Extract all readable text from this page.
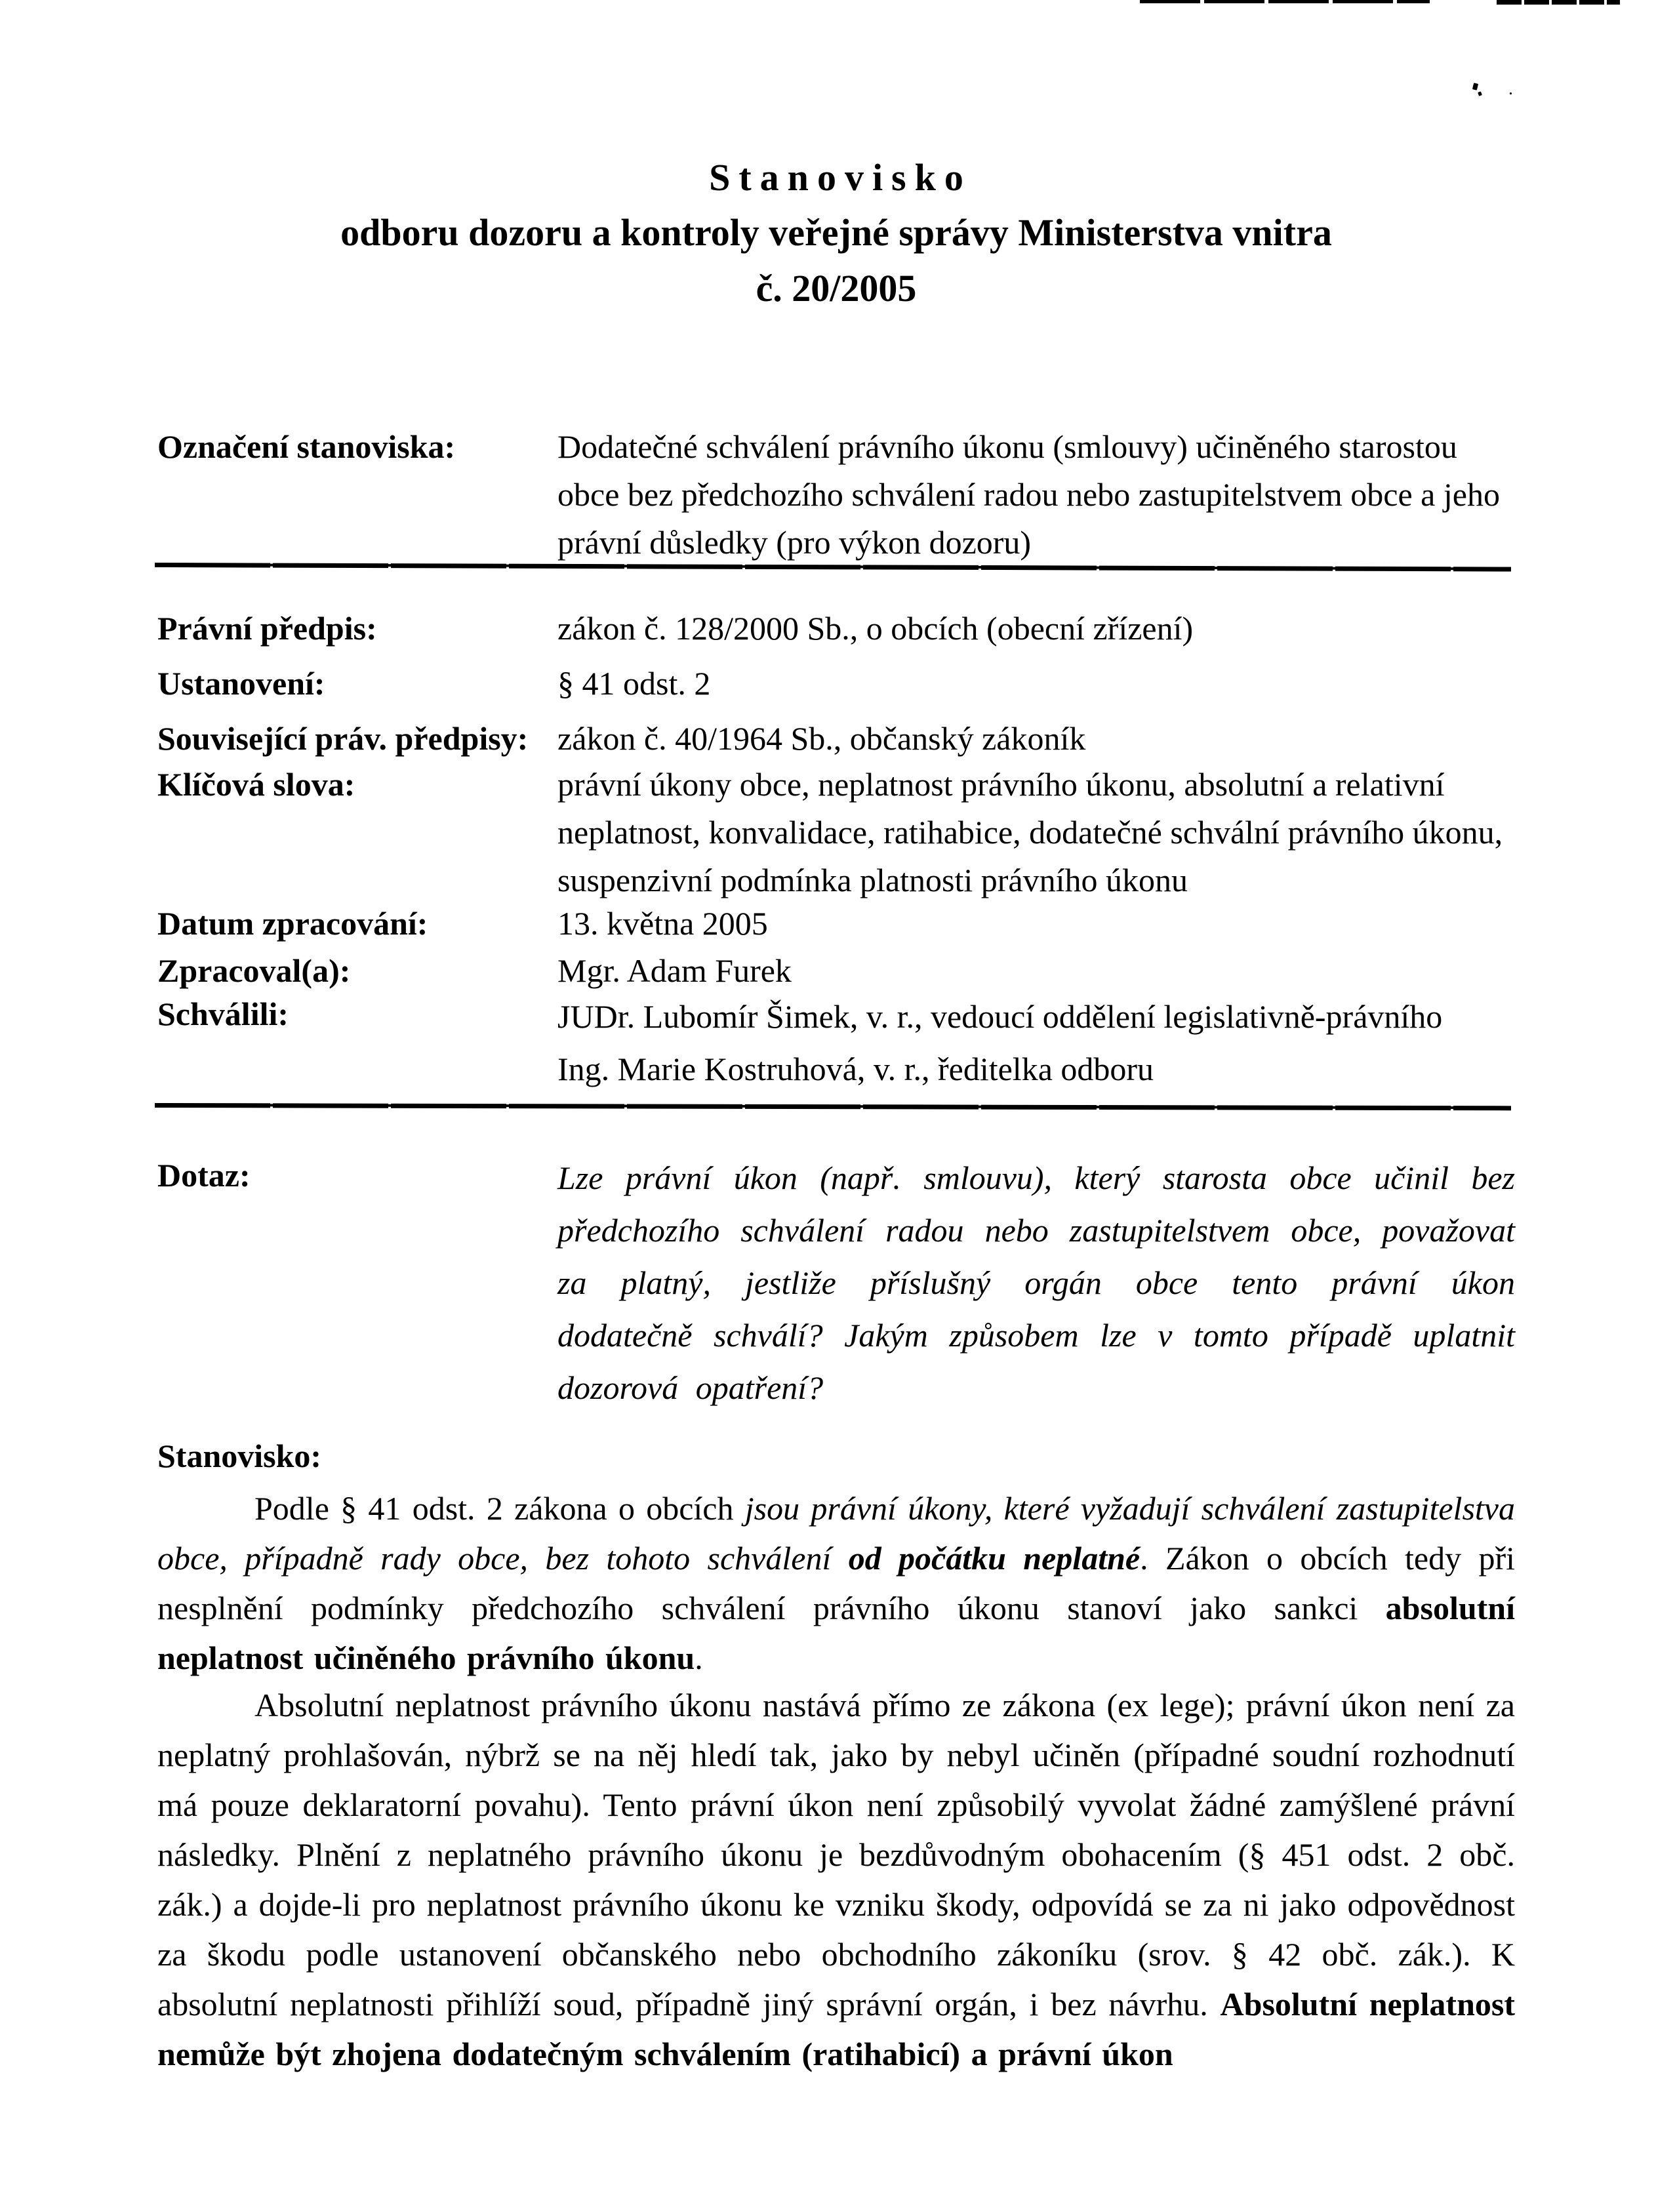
Stanovisko
odboru dozoru a kontroly veřejné správy Ministerstva vnitra
č. 20/2005
Označení stanoviska:	Dodatečné schválení právního úkonu (smlouvy) učiněného starostou obce bez předchozího schválení radou nebo zastupitelstvem obce a jeho právní důsledky (pro výkon dozoru)
Právní předpis:	zákon č. 128/2000 Sb., o obcích (obecní zřízení)
Ustanovení:	§ 41 odst. 2
Související práv. předpisy: zákon č. 40/1964 Sb., občanský zákoník
Klíčová slova:	právní úkony obce, neplatnost právního úkonu, absolutní a relativní neplatnost, konvalidace, ratihabice, dodatečné schvální právního úkonu, suspenzivní podmínka platnosti právního úkonu
Datum zpracování:	13. května 2005
Zpracoval(a):	Mgr. Adam Furek
Schválili:	JUDr. Lubomír Šimek, v. r., vedoucí oddělení legislativně-právního

Ing. Marie Kostruhová, v. r., ředitelka odboru

Dotaz:	Lze právní úkon (např. smlouvu), který starosta obce učinil bez předchozího schválení radou nebo zastupitelstvem obce, považovat za platný, jestliže příslušný orgán obce tento právní úkon dodatečně schválí? Jakým způsobem lze v tomto případě uplatnit dozorová opatření?
Stanovisko:

Podle § 41 odst. 2 zákona o obcích jsou právní úkony, které vyžadují schválení zastupitelstva obce, případně rady obce, bez tohoto schválení od počátku neplatné. Zákon o obcích tedy při nesplnění podmínky předchozího schválení právního úkonu stanoví jako sankci absolutní neplatnost učiněného právního úkonu.

Absolutní neplatnost právního úkonu nastává přímo ze zákona (ex lege); právní úkon není za neplatný prohlašován, nýbrž se na něj hledí tak, jako by nebyl učiněn (případné soudní rozhodnutí má pouze deklaratorní povahu). Tento právní úkon není způsobilý vyvolat žádné zamýšlené právní následky. Plnění z neplatného právního úkonu je bezdůvodným obohacením (§ 451 odst. 2 obč. zák.) a dojde-li pro neplatnost právního úkonu ke vzniku škody, odpovídá se za ni jako odpovědnost za škodu podle ustanovení občanského nebo obchodního zákoníku (srov. § 42 obč. zák.). K absolutní neplatnosti přihlíží soud, případně jiný správní orgán, i bez návrhu. Absolutní neplatnost nemůže být zhojena dodatečným schválením (ratihabicí) a právní úkon
